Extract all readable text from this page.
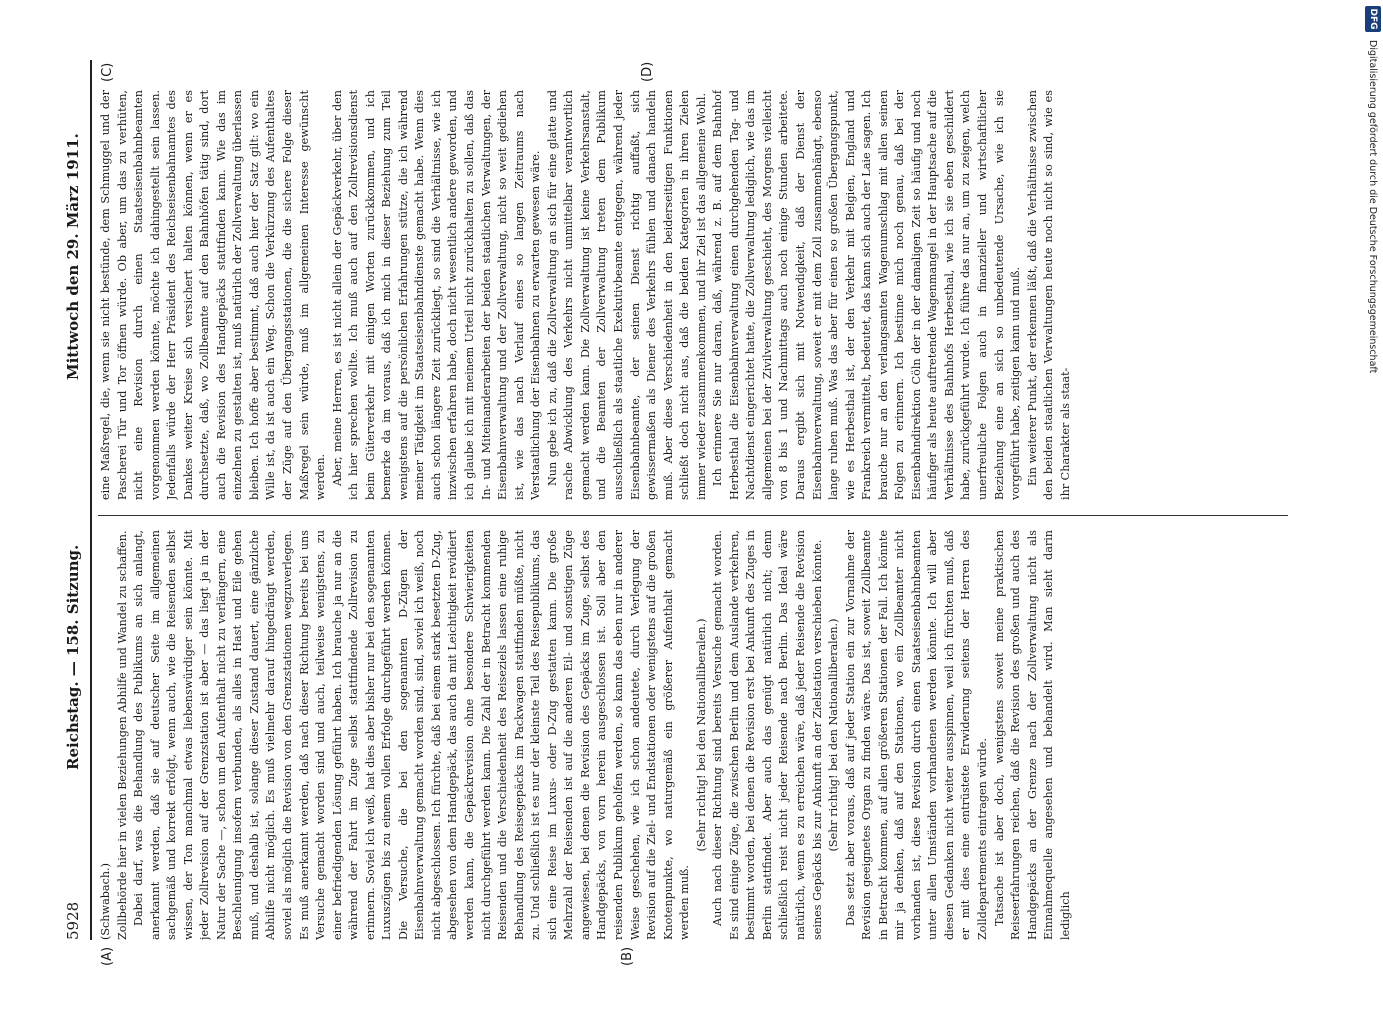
5928
Reichstag. — 158. Sitzung.
Mittwoch den 29. März 1911.
(A)	(B)
(C)	(D)

(Schwabach.) Zollbehörde hier in vielen Beziehungen Abhilfe und Wandel zu schaffen. Dabei darf, was die Behandlung des Publikums an sich anlangt, anerkannt werden, daß sie auf deutscher Seite im allgemeinen sachgemäß und korrekt erfolgt, wenn auch, wie die Reisenden selbst wissen, der Ton manchmal etwas liebenswürdiger sein könnte. Mit jeder Zollrevision auf der Grenzstation ist aber — das liegt ja in der Natur der Sache —, schon um den Aufenthalt nicht zu verlängern, eine Beschleunigung insofern verbunden, als alles in Hast und Eile gehen muß, und deshalb ist, solange dieser Zustand dauert, eine gänzliche Abhilfe nicht möglich. Es muß vielmehr darauf hingedrängt werden, soviel als möglich die Revision von den Grenzstationen wegzuverlegen. Es muß anerkannt werden, daß nach dieser Richtung bereits bei uns Versuche gemacht worden sind und auch, teilweise wenigstens, zu einer befriedigenden Lösung geführt haben. Ich brauche ja nur an die während der Fahrt im Zuge selbst stattfindende Zollrevision zu erinnern. Soviel ich weiß, hat dies aber bisher nur bei den sogenannten Luxuszügen bis zu einem vollen Erfolge durchgeführt werden können. Die Versuche, die bei den sogenannten D-Zügen der Eisenbahnverwaltung gemacht worden sind, sind, soviel ich weiß, noch nicht abgeschlossen. Ich fürchte, daß bei einem stark besetzten D-Zug, abgesehen von dem Handgepäck, das auch da mit Leichtigkeit revidiert werden kann, die Gepäckrevision ohne besondere Schwierigkeiten nicht durchgeführt werden kann. Die Zahl der in Betracht kommenden Reisenden und die Verschiedenheit des Reiseziels lassen eine ruhige Behandlung des Reisegepäcks im Packwagen stattfinden müßte, nicht zu. Und schließlich ist es nur der kleinste Teil des Reisepublikums, das sich eine Reise im Luxus- oder D-Zug gestatten kann. Die große Mehrzahl der Reisenden ist auf die anderen Eil- und sonstigen Züge angewiesen, bei denen die Revision des Gepäcks im Zuge, selbst des Handgepäcks, von vorn herein ausgeschlossen ist. Soll aber den reisenden Publikum geholfen werden, so kann das eben nur in anderer Weise geschehen, wie ich schon andeutete, durch Verlegung der Revision auf die Ziel- und Endstationen oder wenigstens auf die großen Knotenpunkte, wo naturgemäß ein größerer Aufenthalt gemacht werden muß.

(Sehr richtig! bei den Nationalliberalen.) Auch nach dieser Richtung sind bereits Versuche gemacht worden. Es sind einige Züge, die zwischen Berlin und dem Auslande verkehren, bestimmt worden, bei denen die Revision erst bei Ankunft des Zuges in Berlin stattfindet. Aber auch das genügt natürlich nicht; denn schließlich reist nicht jeder Reisende nach Berlin. Das Ideal wäre natürlich, wenn es zu erreichen wäre, daß jeder Reisende die Revision seines Gepäcks bis zur Ankunft an der Zielstation verschieben könnte. (Sehr richtig! bei den Nationalliberalen.) Das setzt aber voraus, daß auf jeder Station ein zur Vornahme der Revision geeignetes Organ zu finden wäre. Das ist, soweit Zollbeamte in Betracht kommen, auf allen größeren Stationen der Fall. Ich könnte mir ja denken, daß auf den Stationen, wo ein Zollbeamter nicht vorhanden ist, diese Revision durch einen Staatseisenbahnbeamten unter allen Umständen vorhandenen werden könnte. Ich will aber diesen Gedanken nicht weiter ausspinnen, weil ich fürchten muß, daß er mit dies eine entrüstete Erwiderung seitens der Herren des Zolldepartements eintragen würde. Tatsache ist aber doch, wenigstens soweit meine praktischen Reiseerfahrungen reichen, daß die Revision des großen und auch des Handgepäcks an der Grenze nach der Zollverwaltung nicht als Einnahmequelle angesehen und behandelt wird. Man sieht darin lediglich

eine Maßregel, die, wenn sie nicht bestünde, dem Schmuggel und der Pascherei Tür und Tor öffnen würde. Ob aber, um das zu verhüten, nicht eine Revision durch einen Staatseisenbahnbeamten vorgenommen werden könnte, möchte ich dahingestellt sein lassen. Jedenfalls würde der Herr Präsident des Reichseisenbahnamtes des Dankes weiter Kreise sich versichert halten können, wenn er es durchsetzte, daß, wo Zollbeamte auf den Bahnhöfen tätig sind, dort auch die Revision des Handgepäcks stattfinden kann. Wie das im einzelnen zu gestalten ist, muß natürlich der Zollverwaltung überlassen bleiben. Ich hoffe aber bestimmt, daß auch hier der Satz gilt: wo ein Wille ist, da ist auch ein Weg. Schon die Verkürzung des Aufenthaltes der Züge auf den Übergangsstationen, die die sichere Folge dieser Maßregel sein würde, muß im allgemeinen Interesse gewünscht werden. Aber, meine Herren, es ist nicht allein der Gepäckverkehr, über den ich hier sprechen wollte. Ich muß auch auf den Zollrevisionsdienst beim Güterverkehr mit einigen Worten zurückkommen, und ich bemerke da im voraus, daß ich mich in dieser Beziehung zum Teil wenigstens auf die persönlichen Erfahrungen stütze, die ich während meiner Tätigkeit im Staatseisenbahndienste gemacht habe. Wenn dies auch schon längere Zeit zurückliegt, so sind die Verhältnisse, wie ich inzwischen erfahren habe, doch nicht wesentlich andere geworden, und ich glaube ich mit meinem Urteil nicht zurückhalten zu sollen, daß das In- und Miteinanderarbeiten der beiden staatlichen Verwaltungen, der Eisenbahnverwaltung und der Zollverwaltung, nicht so weit gediehen ist, wie das nach Verlauf eines so langen Zeitraums nach Verstaatlichung der Eisenbahnen zu erwarten gewesen wäre. Nun gebe ich zu, daß die Zollverwaltung an sich für eine glatte und rasche Abwicklung des Verkehrs nicht unmittelbar verantwortlich gemacht werden kann. Die Zollverwaltung ist keine Verkehrsanstalt, und die Beamten der Zollverwaltung treten dem Publikum ausschließlich als staatliche Exekutivbeamte entgegen, während jeder Eisenbahnbeamte, der seinen Dienst richtig auffaßt, sich gewissermaßen als Diener des Verkehrs fühlen und danach handeln muß. Aber diese Verschiedenheit in den beiderseitigen Funktionen schließt doch nicht aus, daß die beiden Kategorien in ihren Zielen immer wieder zusammenkommen, und ihr Ziel ist das allgemeine Wohl. Ich erinnere Sie nur daran, daß, während z. B. auf dem Bahnhof Herbesthal die Eisenbahnverwaltung einen durchgehenden Tag- und Nachtdienst eingerichtet hatte, die Zollverwaltung lediglich, wie das im allgemeinen bei der Zivilverwaltung geschieht, des Morgens vielleicht von 8 bis 1 und Nachmittags auch noch einige Stunden arbeitete. Daraus ergibt sich mit Notwendigkeit, daß der Dienst der Eisenbahnverwaltung, soweit er mit dem Zoll zusammenhängt, ebenso lange ruhen muß. Was das aber für einen so großen Übergangspunkt, wie es Herbesthal ist, der den Verkehr mit Belgien, England und Frankreich vermittelt, bedeutet, das kann sich auch der Laie sagen. Ich brauche nur an den verlangsamten Wagenumschlag mit allen seinen Folgen zu erinnern. Ich bestinne mich noch genau, daß bei der Eisenbahndirektion Cöln der in der damaligen Zeit so häufig und noch häufiger als heute auftretende Wagenmangel in der Hauptsache auf die Verhältnisse des Bahnhofs Herbesthal, wie ich sie eben geschildert habe, zurückgeführt wurde. Ich führe das nur an, um zu zeigen, welch unerfreuliche Folgen auch in finanzieller und wirtschaftlicher Beziehung eine an sich so unbedeutende Ursache, wie ich sie vorgeführt habe, zeitigen kann und muß. Ein weiterer Punkt, der erkennen läßt, daß die Verhältnisse zwischen den beiden staatlichen Verwaltungen heute noch nicht so sind, wie es ihr Charakter als staat-

DFG
Digitalisierung gefördert durch die Deutsche Forschungsgemeinschaft
